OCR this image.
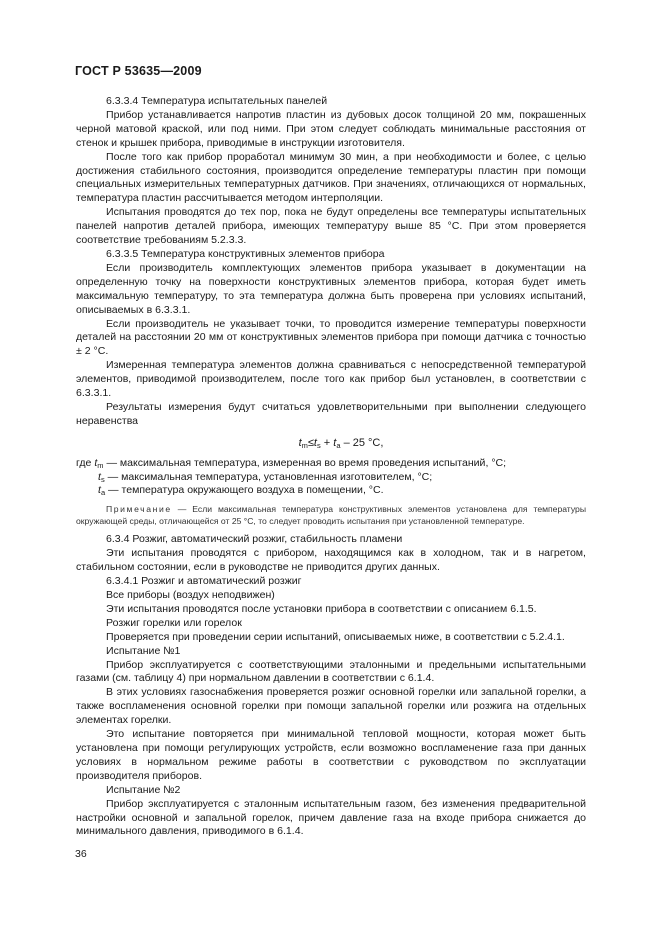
ГОСТ Р 53635—2009

6.3.3.4 Температура испытательных панелей

Прибор устанавливается напротив пластин из дубовых досок толщиной 20 мм, покрашенных черной матовой краской, или под ними. При этом следует соблюдать минимальные расстояния от стенок и крышек прибора, приводимые в инструкции изготовителя.

После того как прибор проработал минимум 30 мин, а при необходимости и более, с целью достижения стабильного состояния, производится определение температуры пластин при помощи специальных измерительных температурных датчиков. При значениях, отличающихся от нормальных, температура пластин рассчитывается методом интерполяции.

Испытания проводятся до тех пор, пока не будут определены все температуры испытательных панелей напротив деталей прибора, имеющих температуру выше 85 °С. При этом проверяется соответствие требованиям 5.2.3.3.

6.3.3.5 Температура конструктивных элементов прибора

Если производитель комплектующих элементов прибора указывает в документации на определенную точку на поверхности конструктивных элементов прибора, которая будет иметь максимальную температуру, то эта температура должна быть проверена при условиях испытаний, описываемых в 6.3.3.1.

Если производитель не указывает точки, то проводится измерение температуры поверхности деталей на расстоянии 20 мм от конструктивных элементов прибора при помощи датчика с точностью ± 2 °С.

Измеренная температура элементов должна сравниваться с непосредственной температурой элементов, приводимой производителем, после того как прибор был установлен, в соответствии с 6.3.3.1.

Результаты измерения будут считаться удовлетворительными при выполнении следующего неравенства

$t_m\le t_s + t_a - 25$ °С,

где $t_m$ — максимальная температура, измеренная во время проведения испытаний, °С;

$t_s$ — максимальная температура, установленная изготовителем, °С;

$t_a$ — температура окружающего воздуха в помещении, °С.

Примечание — Если максимальная температура конструктивных элементов установлена для температуры окружающей среды, отличающейся от 25 °С, то следует проводить испытания при установленной температуре.

6.3.4 Розжиг, автоматический розжиг, стабильность пламени

Эти испытания проводятся с прибором, находящимся как в холодном, так и в нагретом, стабильном состоянии, если в руководстве не приводится других данных.

6.3.4.1 Розжиг и автоматический розжиг

Все приборы (воздух неподвижен)

Эти испытания проводятся после установки прибора в соответствии с описанием 6.1.5.

Розжиг горелки или горелок

Проверяется при проведении серии испытаний, описываемых ниже, в соответствии с 5.2.4.1.

Испытание №1

Прибор эксплуатируется с соответствующими эталонными и предельными испытательными газами (см. таблицу 4) при нормальном давлении в соответствии с 6.1.4.

В этих условиях газоснабжения проверяется розжиг основной горелки или запальной горелки, а также воспламенения основной горелки при помощи запальной горелки или розжига на отдельных элементах горелки.

Это испытание повторяется при минимальной тепловой мощности, которая может быть установлена при помощи регулирующих устройств, если возможно воспламенение газа при данных условиях в нормальном режиме работы в соответствии с руководством по эксплуатации производителя приборов.

Испытание №2

Прибор эксплуатируется с эталонным испытательным газом, без изменения предварительной настройки основной и запальной горелок, причем давление газа на входе прибора снижается до минимального давления, приводимого в 6.1.4.

36
